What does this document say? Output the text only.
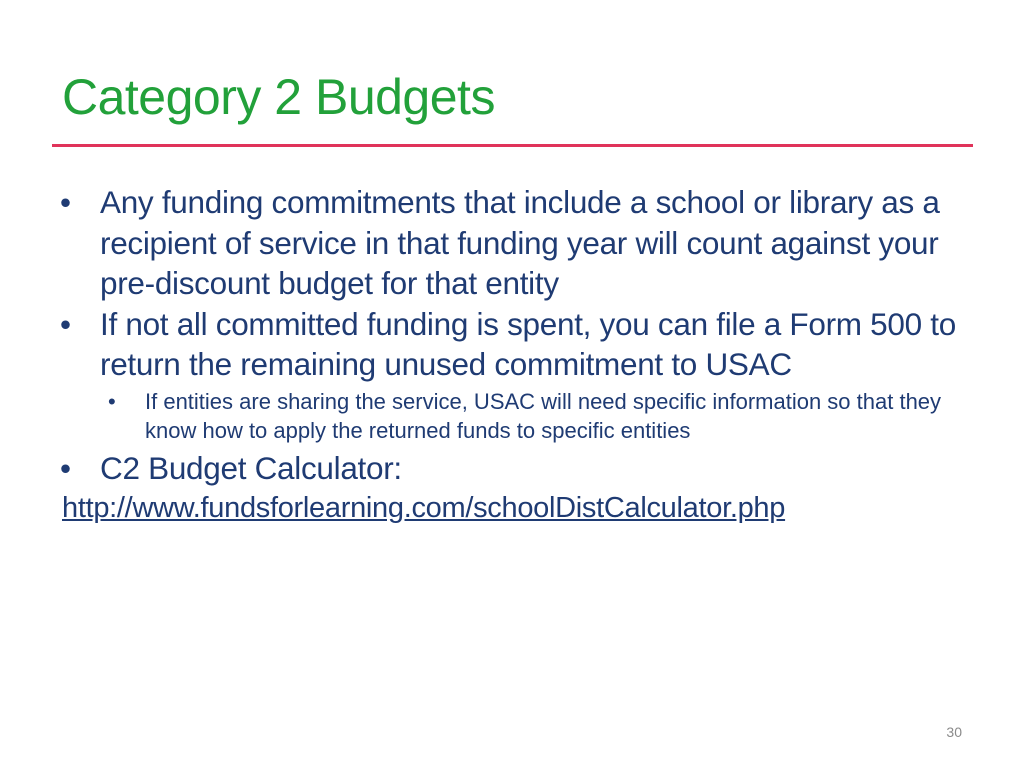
Category 2 Budgets
• Any funding commitments that include a school or library as a recipient of service in that funding year will count against your pre-discount budget for that entity
• If not all committed funding is spent, you can file a Form 500 to return the remaining unused commitment to USAC
• If entities are sharing the service, USAC will need specific information so that they know how to apply the returned funds to specific entities
• C2 Budget Calculator:
http://www.fundsforlearning.com/schoolDistCalculator.php
30
